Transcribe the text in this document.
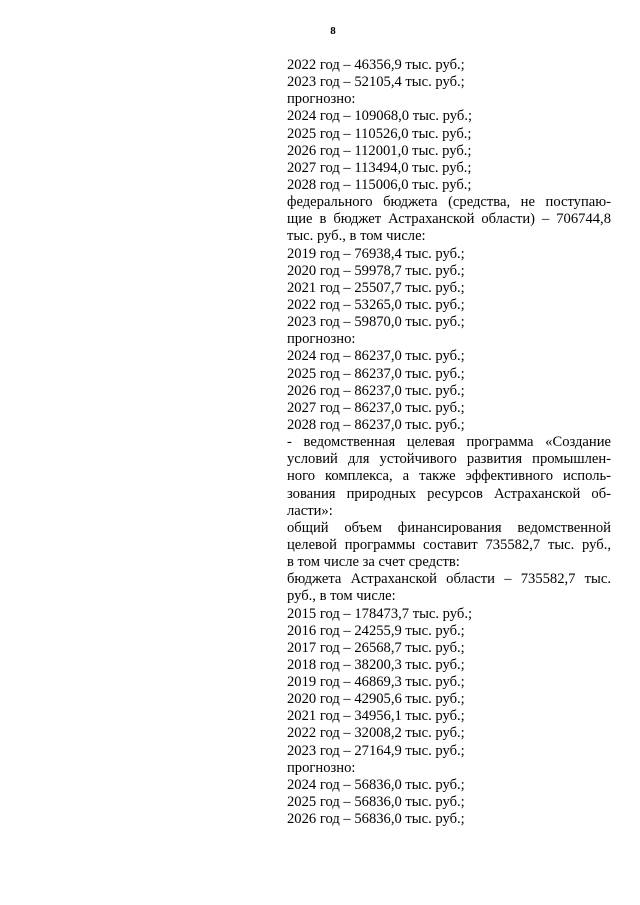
8
2022 год – 46356,9 тыс. руб.;
2023 год – 52105,4 тыс. руб.;
прогнозно:
2024 год – 109068,0 тыс. руб.;
2025 год – 110526,0 тыс. руб.;
2026 год – 112001,0 тыс. руб.;
2027 год – 113494,0 тыс. руб.;
2028 год – 115006,0 тыс. руб.;
федерального бюджета (средства, не поступаю-
щие в бюджет Астраханской области) – 706744,8
тыс. руб., в том числе:
2019 год – 76938,4 тыс. руб.;
2020 год – 59978,7 тыс. руб.;
2021 год – 25507,7 тыс. руб.;
2022 год – 53265,0 тыс. руб.;
2023 год – 59870,0 тыс. руб.;
прогнозно:
2024 год – 86237,0 тыс. руб.;
2025 год – 86237,0 тыс. руб.;
2026 год – 86237,0 тыс. руб.;
2027 год – 86237,0 тыс. руб.;
2028 год – 86237,0 тыс. руб.;
- ведомственная целевая программа «Создание
условий для устойчивого развития промышлен-
ного комплекса, а также эффективного исполь-
зования природных ресурсов Астраханской об-
ласти»:
общий объем финансирования ведомственной
целевой программы составит 735582,7 тыс. руб.,
в том числе за счет средств:
бюджета Астраханской области – 735582,7 тыс.
руб., в том числе:
2015 год – 178473,7 тыс. руб.;
2016 год – 24255,9 тыс. руб.;
2017 год – 26568,7 тыс. руб.;
2018 год – 38200,3 тыс. руб.;
2019 год – 46869,3 тыс. руб.;
2020 год – 42905,6 тыс. руб.;
2021 год – 34956,1 тыс. руб.;
2022 год – 32008,2 тыс. руб.;
2023 год – 27164,9 тыс. руб.;
прогнозно:
2024 год – 56836,0 тыс. руб.;
2025 год – 56836,0 тыс. руб.;
2026 год – 56836,0 тыс. руб.;
